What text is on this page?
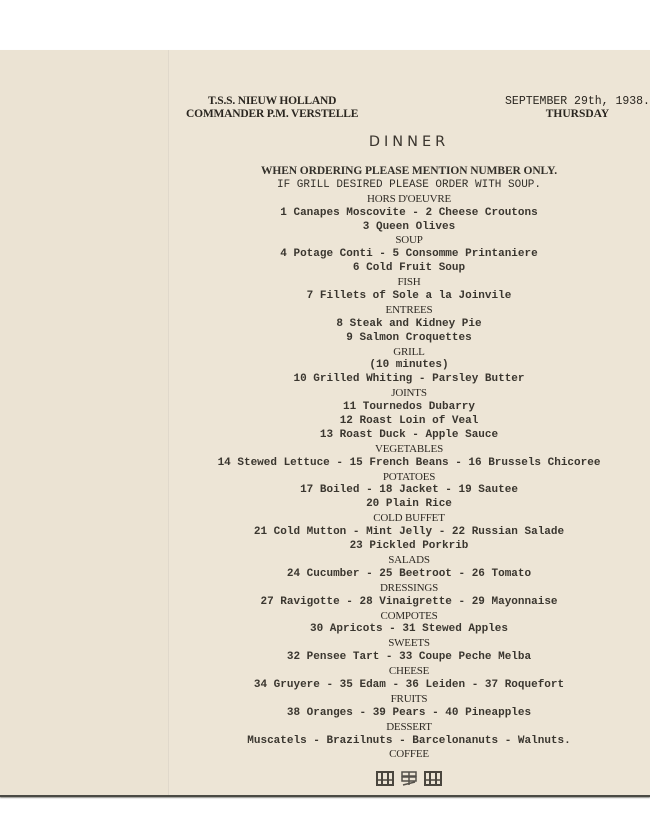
T.S.S. NIEUW HOLLAND
COMMANDER P.M. VERSTELLE
SEPTEMBER 29th, 1938.
THURSDAY
DINNER
WHEN ORDERING PLEASE MENTION NUMBER ONLY.
IF GRILL DESIRED PLEASE ORDER WITH SOUP.
HORS D'OEUVRE
1 Canapes Moscovite - 2 Cheese Croutons
3 Queen Olives
SOUP
4 Potage Conti - 5 Consomme Printaniere
6 Cold Fruit Soup
FISH
7 Fillets of Sole a la Joinvile
ENTREES
8 Steak and Kidney Pie
9 Salmon Croquettes
GRILL
(10 minutes)
10 Grilled Whiting - Parsley Butter
JOINTS
11 Tournedos Dubarry
12 Roast Loin of Veal
13 Roast Duck - Apple Sauce
VEGETABLES
14 Stewed Lettuce - 15 French Beans - 16 Brussels Chicoree
POTATOES
17 Boiled - 18 Jacket - 19 Sautee
20 Plain Rice
COLD BUFFET
21 Cold Mutton - Mint Jelly - 22 Russian Salade
23 Pickled Porkrib
SALADS
24 Cucumber - 25 Beetroot - 26 Tomato
DRESSINGS
27 Ravigotte - 28 Vinaigrette - 29 Mayonnaise
COMPOTES
30 Apricots - 31 Stewed Apples
SWEETS
32 Pensee Tart - 33 Coupe Peche Melba
CHEESE
34 Gruyere - 35 Edam - 36 Leiden - 37 Roquefort
FRUITS
38 Oranges - 39 Pears - 40 Pineapples
DESSERT
Muscatels - Brazilnuts - Barcelonanuts - Walnuts.
COFFEE
